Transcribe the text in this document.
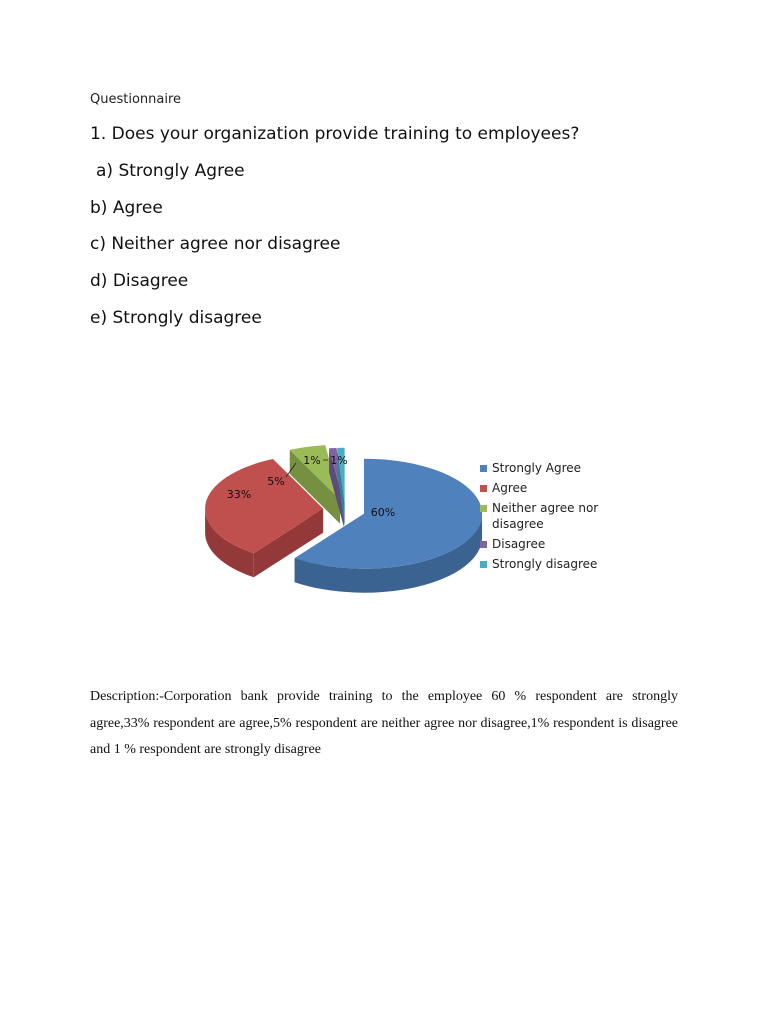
Questionnaire
1. Does your organization provide training to employees?
a) Strongly Agree
b) Agree
c) Neither agree nor disagree
d) Disagree
e) Strongly disagree
60%
33%
5%
1% 1%
Strongly Agree
Agree
Neither agree nor
disagree
Disagree
Strongly disagree
Description:-Corporation bank provide training to the employee 60 % respondent are strongly agree,33% respondent are agree,5% respondent are neither agree nor disagree,1% respondent is disagree and 1 % respondent are strongly disagree
